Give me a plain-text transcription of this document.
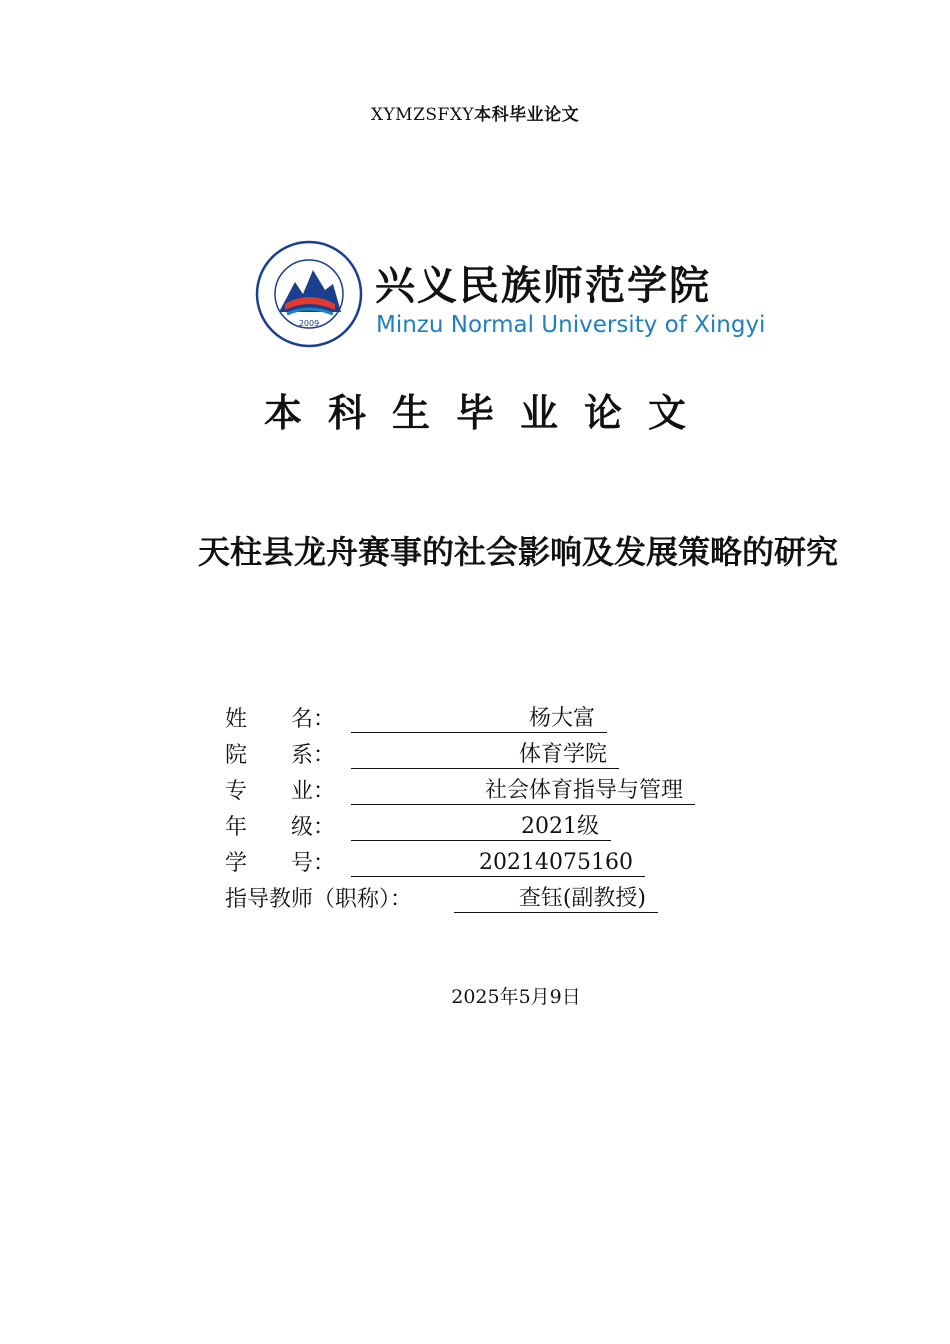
XYMZSFXY本科毕业论文
2009
兴义民族师范学院
Minzu Normal University of Xingyi
本科生毕业论文
天柱县龙舟赛事的社会影响及发展策略的研究
姓　　名：	杨大富
院　　系：	体育学院
专　　业：	社会体育指导与管理
年　　级：	2021级
学　　号：	20214075160
指导教师（职称）：	查钰(副教授)
2025年5月9日
